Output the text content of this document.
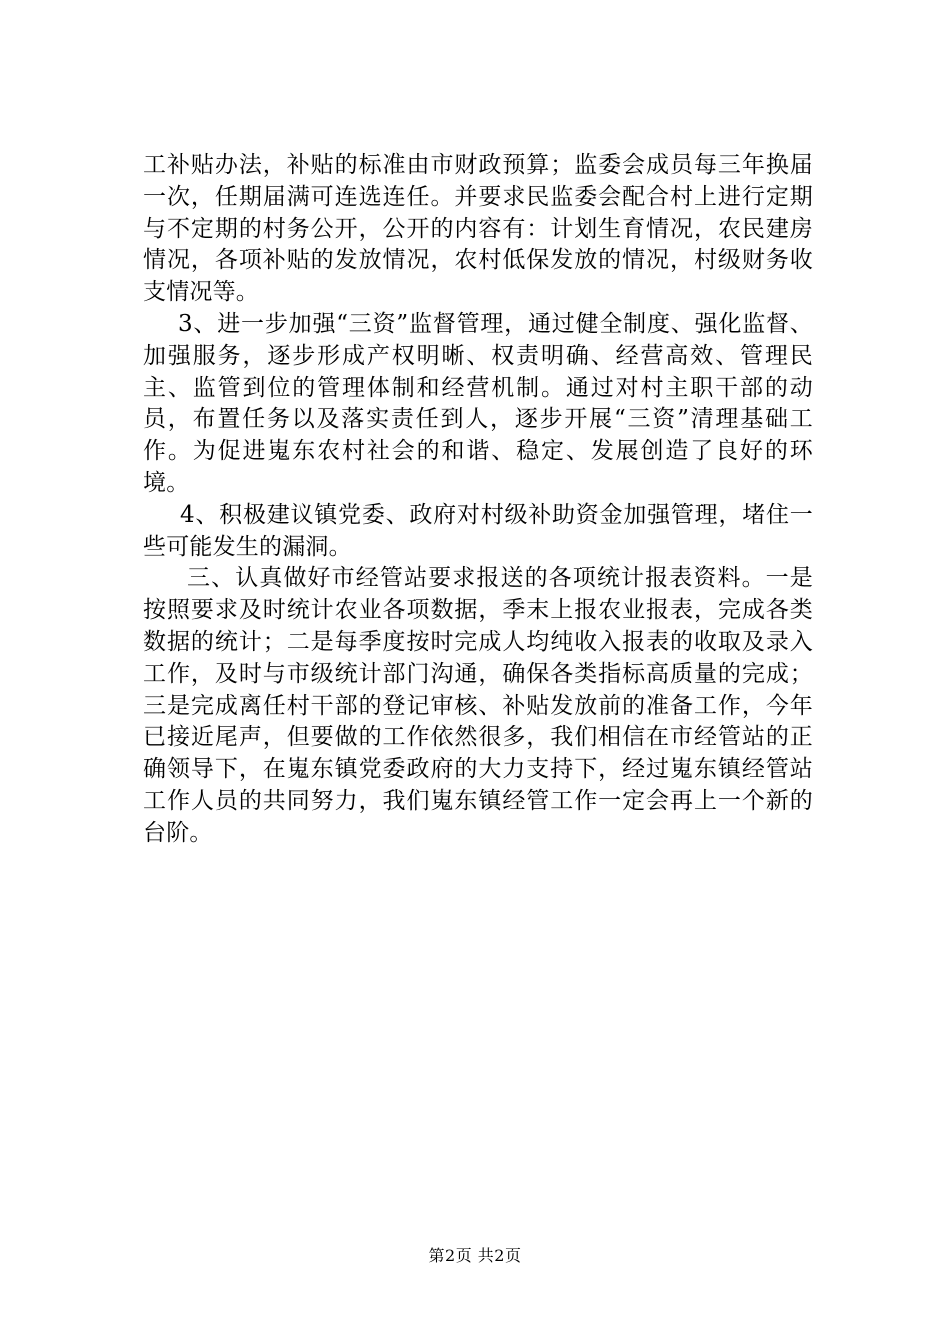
工补贴办法，补贴的标准由市财政预算；监委会成员每三年换届一次，任期届满可连选连任。并要求民监委会配合村上进行定期与不定期的村务公开，公开的内容有：计划生育情况，农民建房情况，各项补贴的发放情况，农村低保发放的情况，村级财务收支情况等。

3、进一步加强“三资”监督管理，通过健全制度、强化监督、加强服务，逐步形成产权明晰、权责明确、经营高效、管理民主、监管到位的管理体制和经营机制。通过对村主职干部的动员，布置任务以及落实责任到人，逐步开展“三资”清理基础工作。为促进嵬东农村社会的和谐、稳定、发展创造了良好的环境。

4、积极建议镇党委、政府对村级补助资金加强管理，堵住一些可能发生的漏洞。

三、认真做好市经管站要求报送的各项统计报表资料。一是按照要求及时统计农业各项数据，季末上报农业报表，完成各类数据的统计；二是每季度按时完成人均纯收入报表的收取及录入工作，及时与市级统计部门沟通，确保各类指标高质量的完成；三是完成离任村干部的登记审核、补贴发放前的准备工作，今年已接近尾声，但要做的工作依然很多，我们相信在市经管站的正确领导下，在嵬东镇党委政府的大力支持下，经过嵬东镇经管站工作人员的共同努力，我们嵬东镇经管工作一定会再上一个新的台阶。

第2页 共2页
